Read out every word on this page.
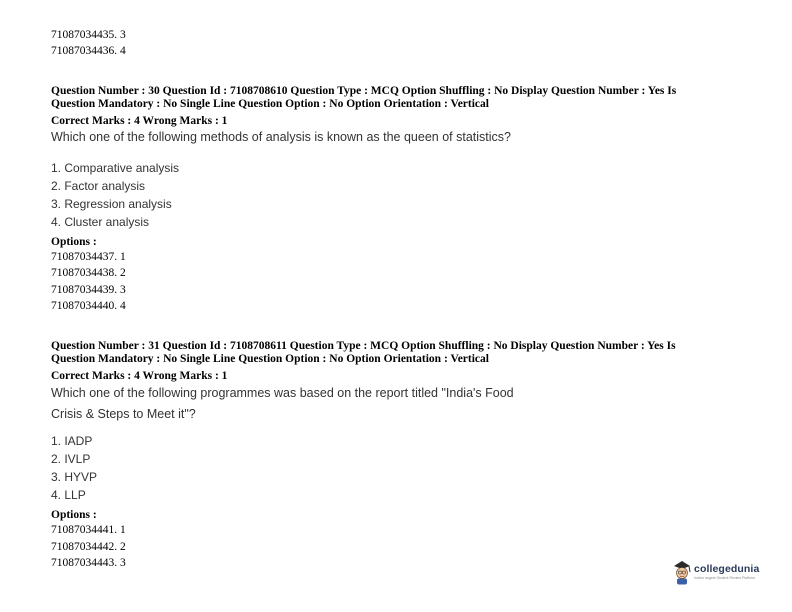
71087034435. 3
71087034436. 4
Question Number : 30 Question Id : 7108708610 Question Type : MCQ Option Shuffling : No Display Question Number : Yes Is
Question Mandatory : No Single Line Question Option : No Option Orientation : Vertical
Correct Marks : 4 Wrong Marks : 1
Which one of the following methods of analysis is known as the queen of statistics?
1. Comparative analysis
2. Factor analysis
3. Regression analysis
4. Cluster analysis
Options :
71087034437. 1
71087034438. 2
71087034439. 3
71087034440. 4
Question Number : 31 Question Id : 7108708611 Question Type : MCQ Option Shuffling : No Display Question Number : Yes Is
Question Mandatory : No Single Line Question Option : No Option Orientation : Vertical
Correct Marks : 4 Wrong Marks : 1
Which one of the following programmes was based on the report titled "India's Food
Crisis & Steps to Meet it"?
1. IADP
2. IVLP
3. HYVP
4. LLP
Options :
71087034441. 1
71087034442. 2
71087034443. 3	collegedunia
India's largest Student Review Platform
